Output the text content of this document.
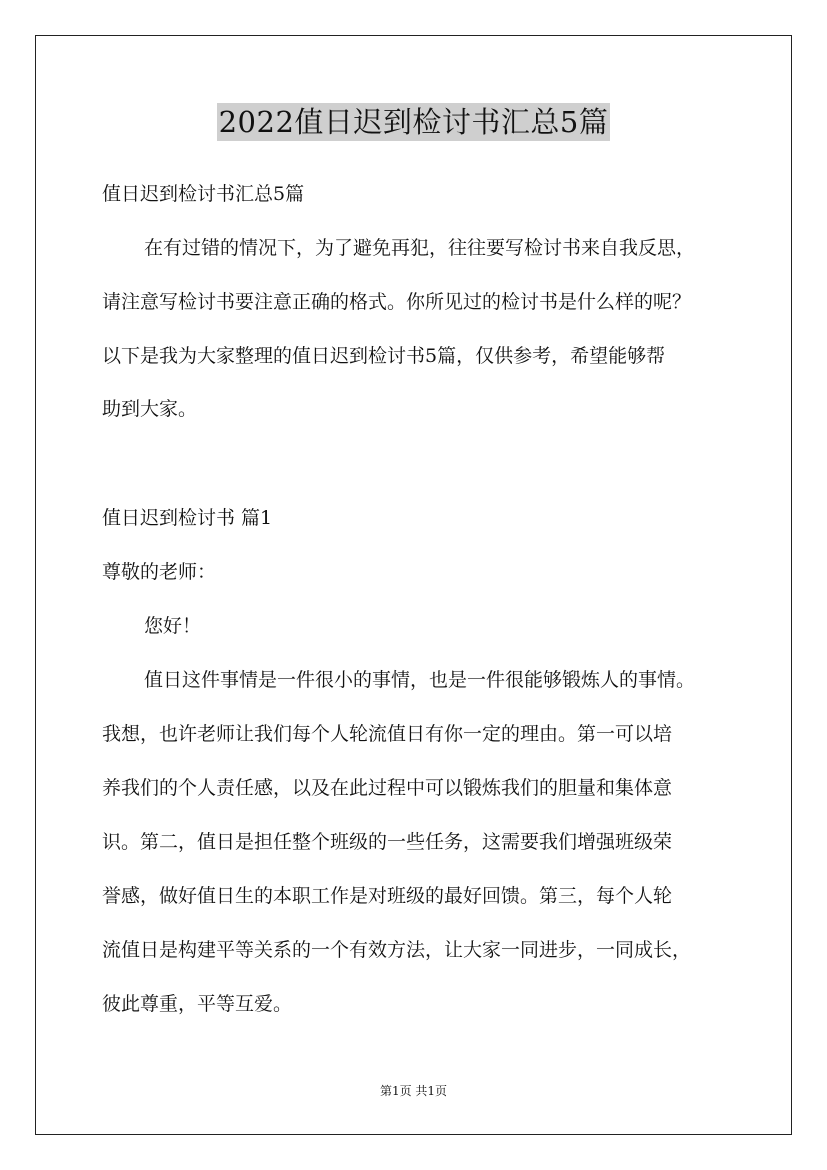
2022值日迟到检讨书汇总5篇
值日迟到检讨书汇总5篇
在有过错的情况下，为了避免再犯，往往要写检讨书来自我反思，
请注意写检讨书要注意正确的格式。你所见过的检讨书是什么样的呢？
以下是我为大家整理的值日迟到检讨书5篇，仅供参考，希望能够帮
助到大家。
值日迟到检讨书 篇1
尊敬的老师：
您好！
值日这件事情是一件很小的事情，也是一件很能够锻炼人的事情。
我想，也许老师让我们每个人轮流值日有你一定的理由。第一可以培
养我们的个人责任感，以及在此过程中可以锻炼我们的胆量和集体意
识。第二，值日是担任整个班级的一些任务，这需要我们增强班级荣
誉感，做好值日生的本职工作是对班级的最好回馈。第三，每个人轮
流值日是构建平等关系的一个有效方法，让大家一同进步，一同成长，
彼此尊重，平等互爱。
第1页 共1页
